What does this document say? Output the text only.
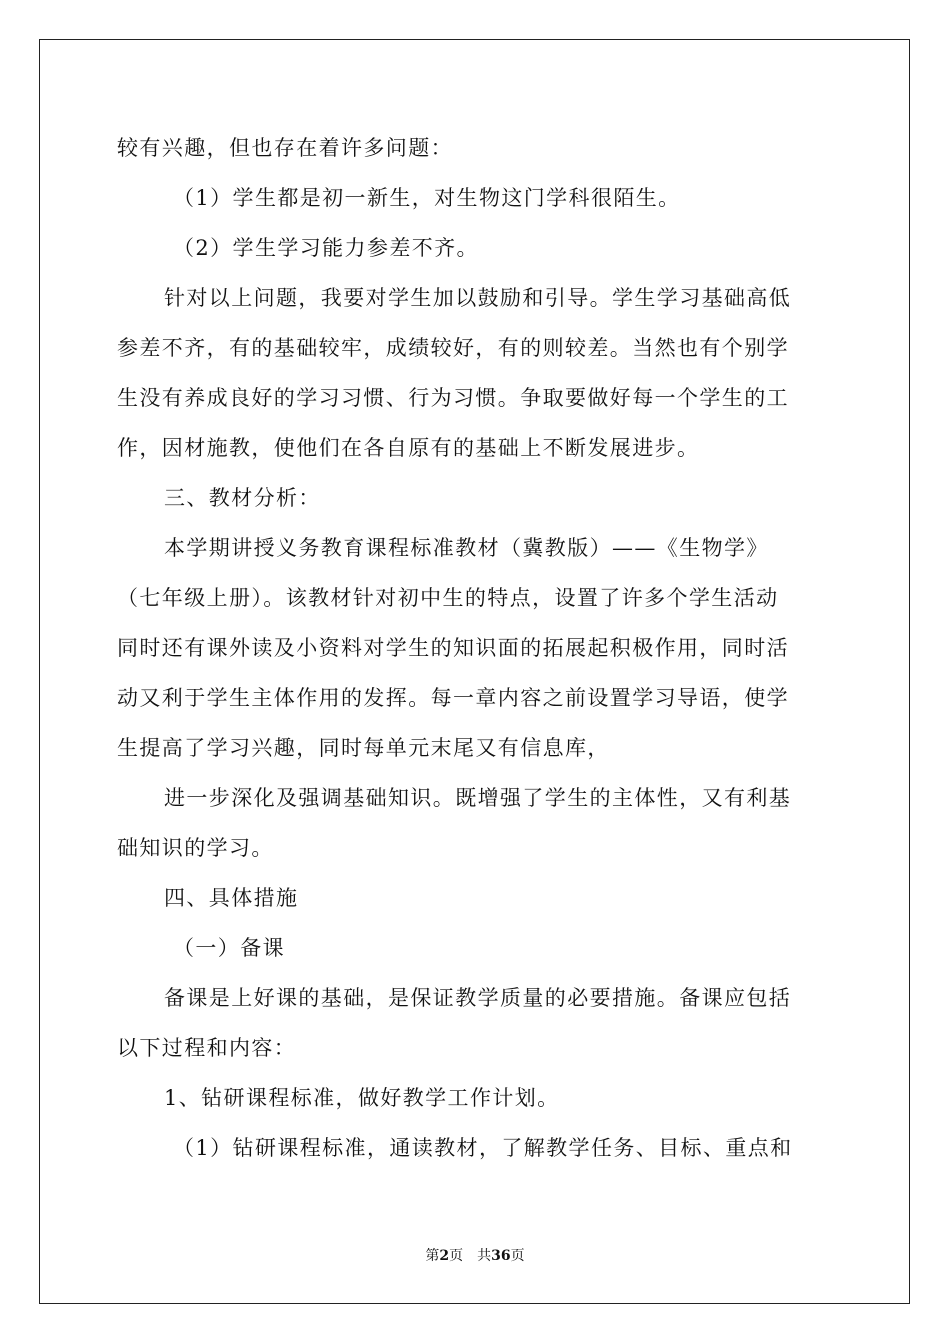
较有兴趣，但也存在着许多问题：
（1）学生都是初一新生，对生物这门学科很陌生。
（2）学生学习能力参差不齐。
针对以上问题，我要对学生加以鼓励和引导。学生学习基础高低
参差不齐，有的基础较牢，成绩较好，有的则较差。当然也有个别学
生没有养成良好的学习习惯、行为习惯。争取要做好每一个学生的工
作，因材施教，使他们在各自原有的基础上不断发展进步。
三、教材分析：
本学期讲授义务教育课程标准教材（冀教版）——《生物学》
（七年级上册）。该教材针对初中生的特点，设置了许多个学生活动
同时还有课外读及小资料对学生的知识面的拓展起积极作用，同时活
动又利于学生主体作用的发挥。每一章内容之前设置学习导语，使学
生提高了学习兴趣，同时每单元末尾又有信息库，
进一步深化及强调基础知识。既增强了学生的主体性，又有利基
础知识的学习。
四、具体措施
（一）备课
备课是上好课的基础，是保证教学质量的必要措施。备课应包括
以下过程和内容：
1、钻研课程标准，做好教学工作计划。
（1）钻研课程标准，通读教材，了解教学任务、目标、重点和
第2页 共36页
